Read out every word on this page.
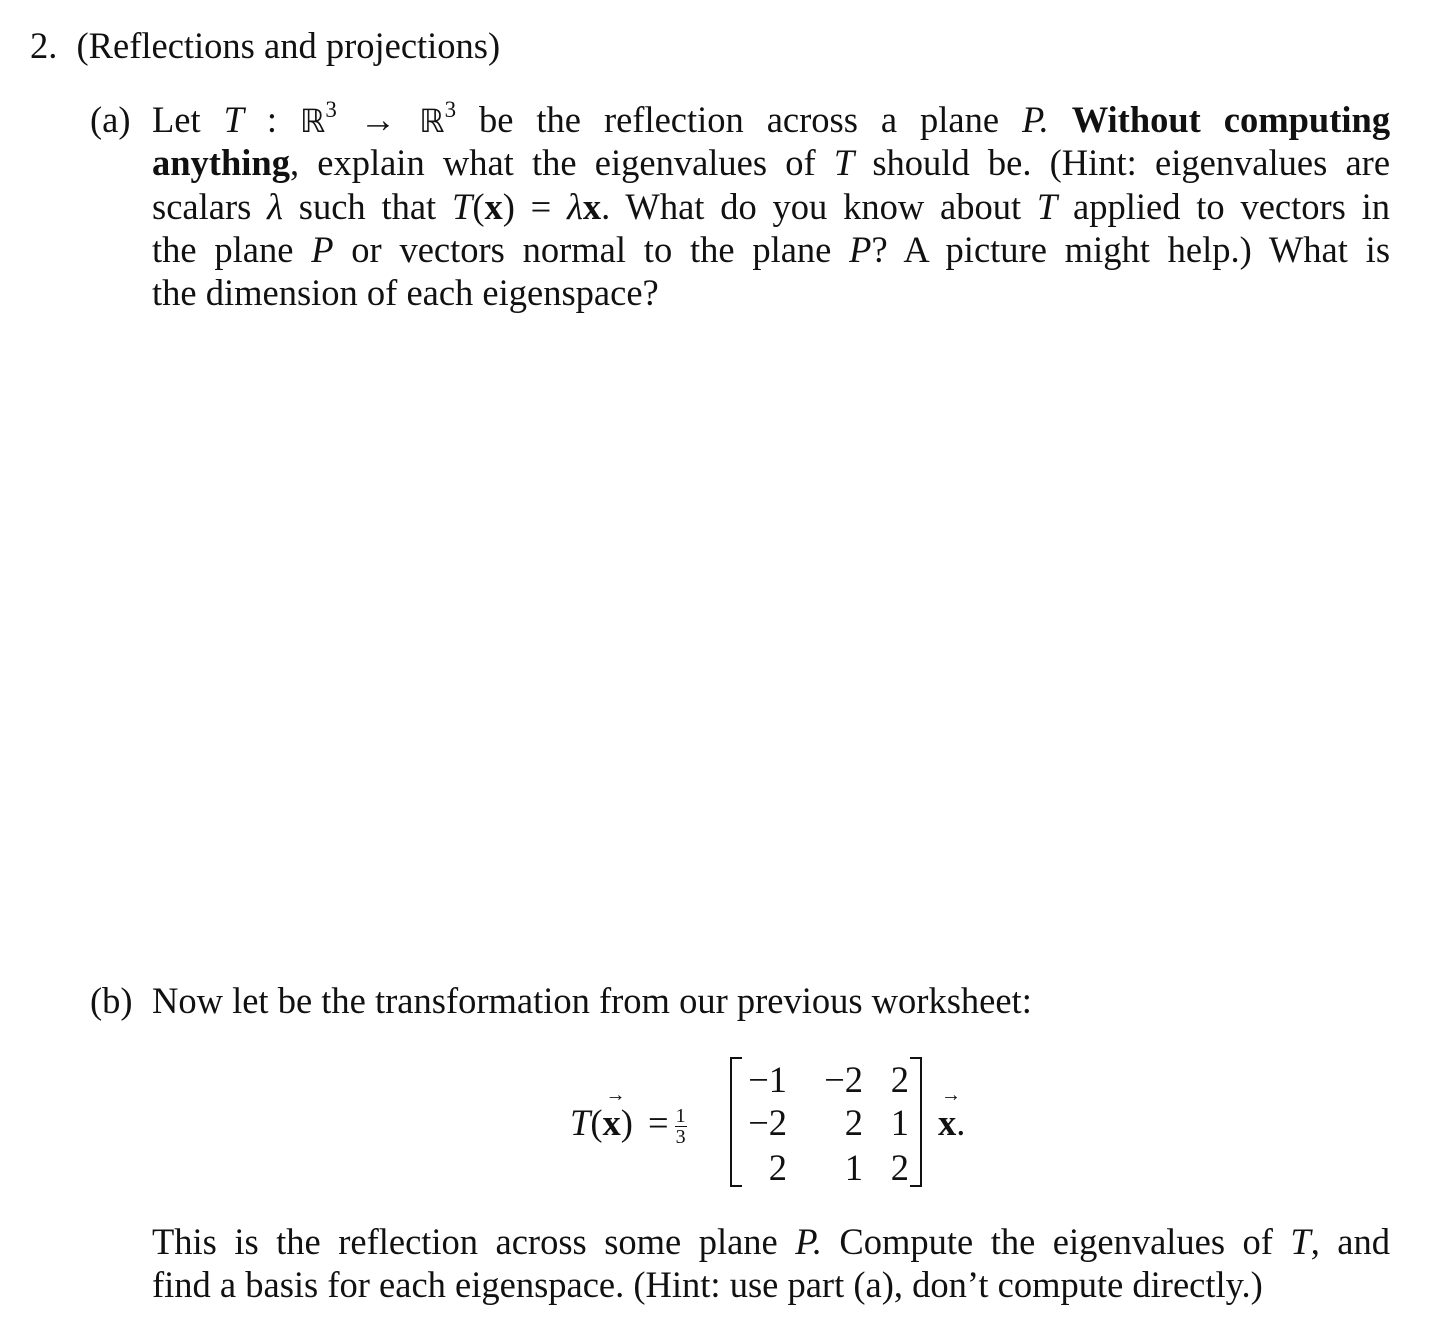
2. (Reflections and projections)
(a) Let T : ℝ$^3$ → ℝ$^3$ be the reflection across a plane P. Without computing
anything, explain what the eigenvalues of T should be. (Hint: eigenvalues are
scalars λ such that T(x) = λx. What do you know about T applied to vectors in
the plane P or vectors normal to the plane P? A picture might help.) What is
the dimension of each eigenspace?
(b) Now let be the transformation from our previous worksheet:
T(x
→
) = $\frac{1}{3}$
−1	−2 2
−2	2 1
2	1 2
x
→
.
This is the reflection across some plane P. Compute the eigenvalues of T, and
find a basis for each eigenspace. (Hint: use part (a), don’t compute directly.)
